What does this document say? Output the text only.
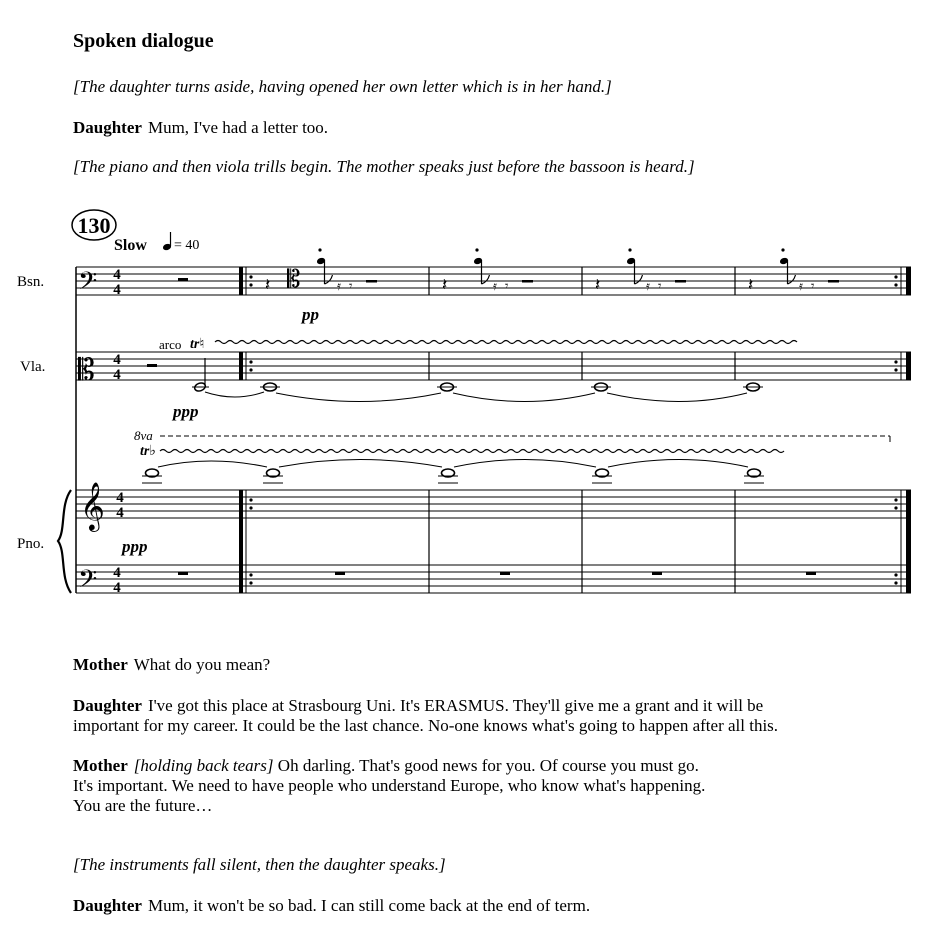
Spoken dialogue
[The daughter turns aside, having opened her own letter which is in her hand.]
Daughter Mum, I've had a letter too.
[The piano and then viola trills begin. The mother speaks just before the bassoon is heard.]
130
Slow = 40
Bsn.
Vla.
Pno.
𝄢
𝄡
𝄞
𝄢
𝄡
4
4
4
4
4
4
4
4
𝄽	𝄿 𝄾	𝄽	𝄿 𝄾	𝄽	𝄿 𝄾	𝄽	𝄿 𝄾
pp
arco tr♮
ppp
8va
tr♭
ppp
Mother What do you mean?
Daughter I've got this place at Strasbourg Uni. It's ERASMUS. They'll give me a grant and it will be
important for my career. It could be the last chance. No-one knows what's going to happen after all this.
Mother [holding back tears] Oh darling. That's good news for you. Of course you must go.
It's important. We need to have people who understand Europe, who know what's happening.
You are the future…
[The instruments fall silent, then the daughter speaks.]
Daughter Mum, it won't be so bad. I can still come back at the end of term.
